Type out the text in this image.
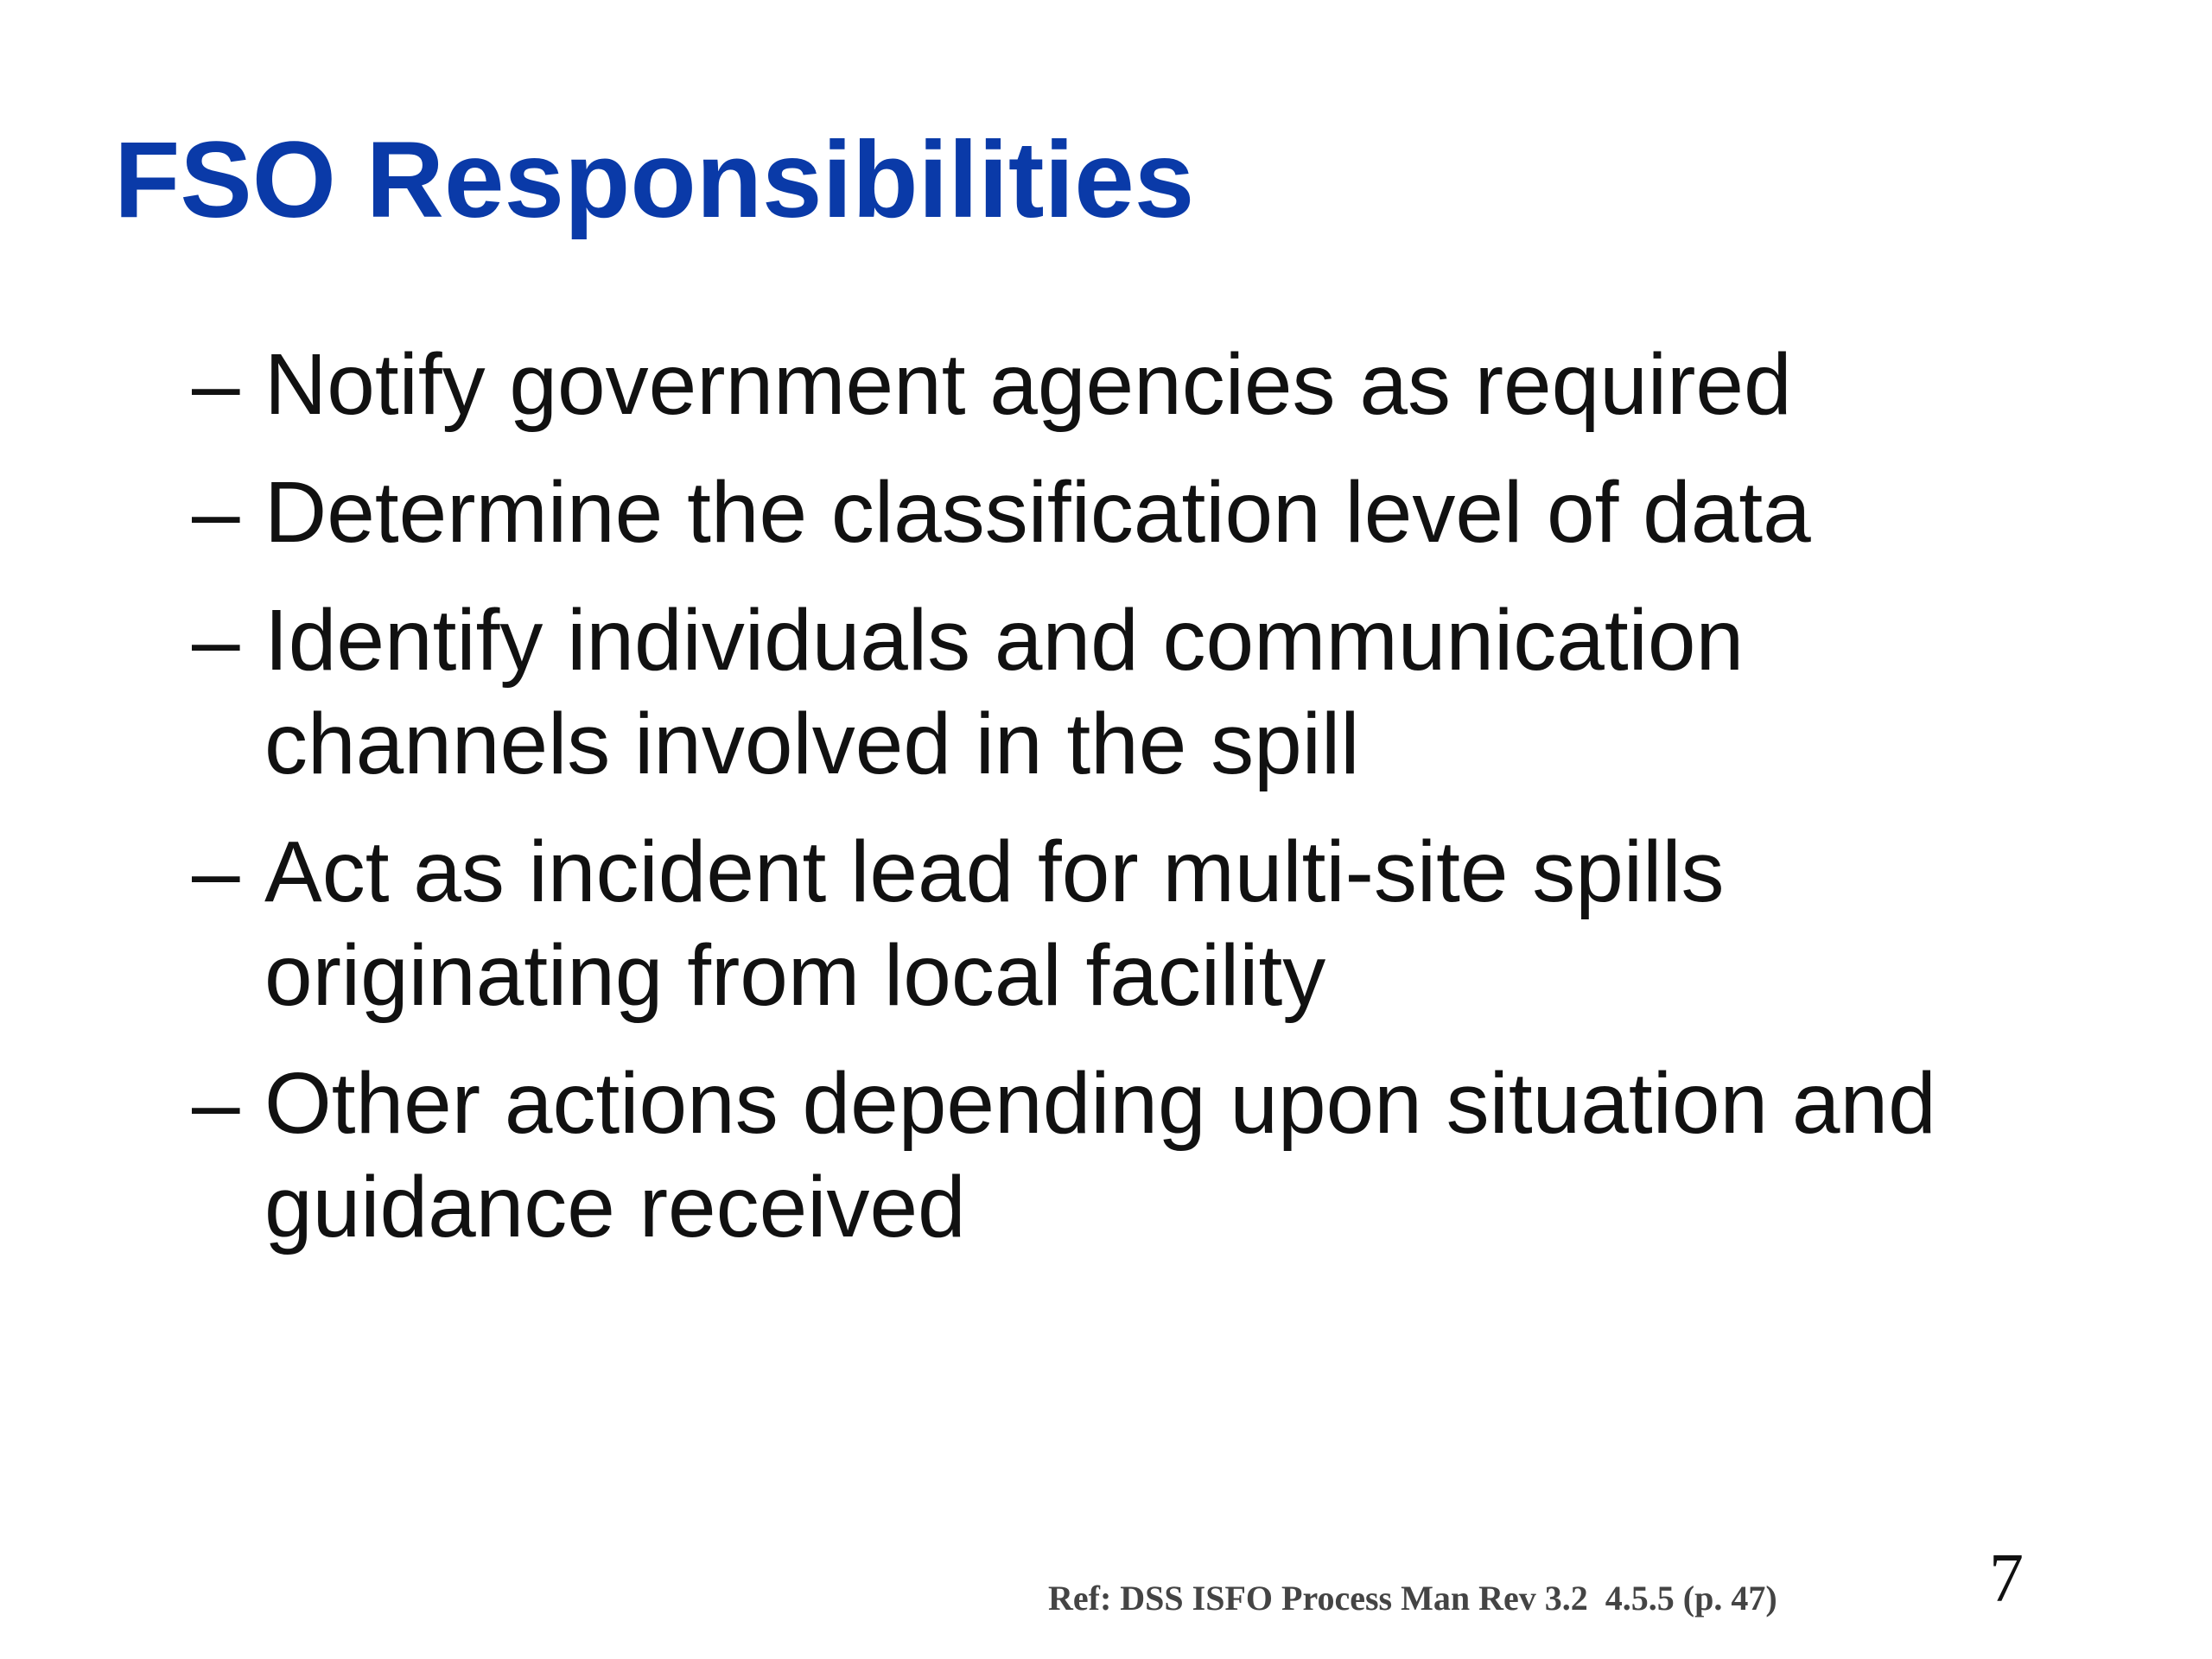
FSO Responsibilities
– Notify government agencies as required
– Determine the classification level of data
– Identify individuals and communication channels involved in the spill
– Act as incident lead for multi-site spills originating from local facility
– Other actions depending upon situation and guidance received
Ref: DSS ISFO Process Man Rev 3.2  4.5.5 (p. 47)	7
